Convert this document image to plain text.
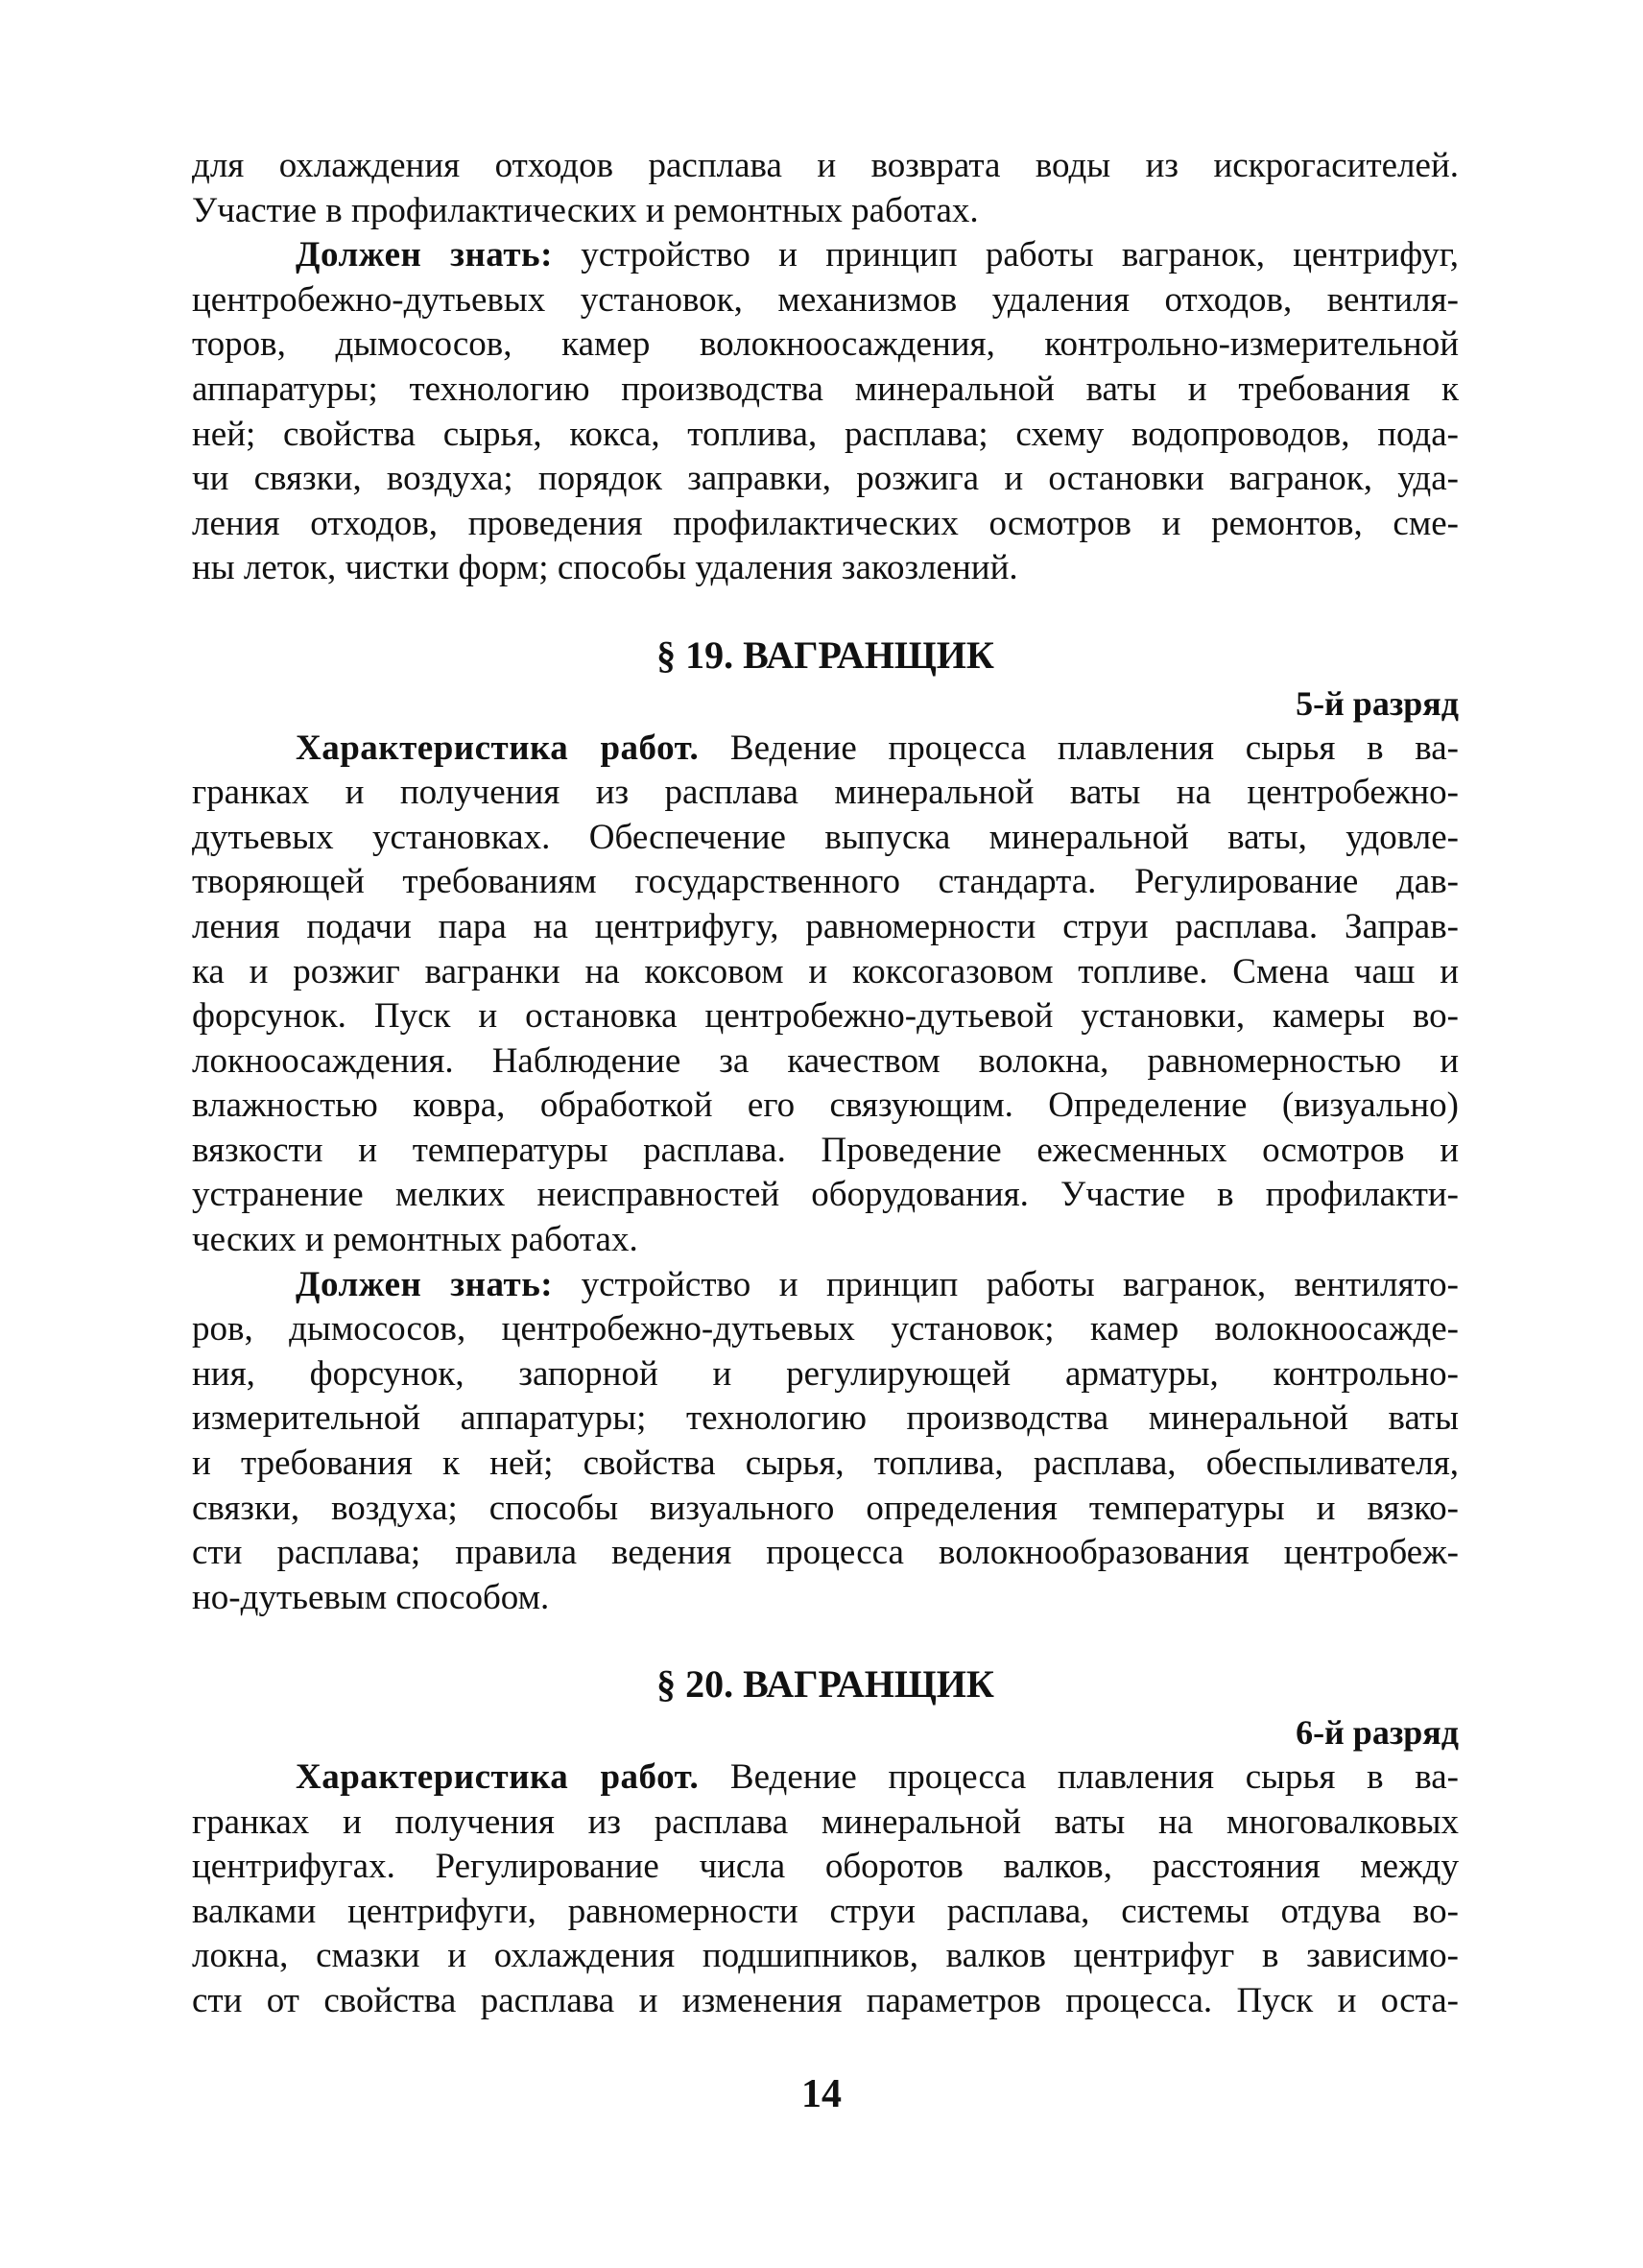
для охлаждения отходов расплава и возврата воды из искрогасителей.
Участие в профилактических и ремонтных работах.
Должен знать: устройство и принцип работы вагранок, центрифуг,
центробежно-дутьевых установок, механизмов удаления отходов, вентиля-
торов, дымососов, камер волокноосаждения, контрольно-измерительной
аппаратуры; технологию производства минеральной ваты и требования к
ней; свойства сырья, кокса, топлива, расплава; схему водопроводов, пода-
чи связки, воздуха; порядок заправки, розжига и остановки вагранок, уда-
ления отходов, проведения профилактических осмотров и ремонтов, сме-
ны леток, чистки форм; способы удаления закозлений.
§ 19. ВАГРАНЩИК
5-й разряд
Характеристика работ. Ведение процесса плавления сырья в ва-
гранках и получения из расплава минеральной ваты на центробежно-
дутьевых установках. Обеспечение выпуска минеральной ваты, удовле-
творяющей требованиям государственного стандарта. Регулирование дав-
ления подачи пара на центрифугу, равномерности струи расплава. Заправ-
ка и розжиг вагранки на коксовом и коксогазовом топливе. Смена чаш и
форсунок. Пуск и остановка центробежно-дутьевой установки, камеры во-
локноосаждения. Наблюдение за качеством волокна, равномерностью и
влажностью ковра, обработкой его связующим. Определение (визуально)
вязкости и температуры расплава. Проведение ежесменных осмотров и
устранение мелких неисправностей оборудования. Участие в профилакти-
ческих и ремонтных работах.
Должен знать: устройство и принцип работы вагранок, вентилято-
ров, дымососов, центробежно-дутьевых установок; камер волокноосажде-
ния, форсунок, запорной и регулирующей арматуры, контрольно-
измерительной аппаратуры; технологию производства минеральной ваты
и требования к ней; свойства сырья, топлива, расплава, обеспыливателя,
связки, воздуха; способы визуального определения температуры и вязко-
сти расплава; правила ведения процесса волокнообразования центробеж-
но-дутьевым способом.
§ 20. ВАГРАНЩИК
6-й разряд
Характеристика работ. Ведение процесса плавления сырья в ва-
гранках и получения из расплава минеральной ваты на многовалковых
центрифугах. Регулирование числа оборотов валков, расстояния между
валками центрифуги, равномерности струи расплава, системы отдува во-
локна, смазки и охлаждения подшипников, валков центрифуг в зависимо-
сти от свойства расплава и изменения параметров процесса. Пуск и оста-
14
